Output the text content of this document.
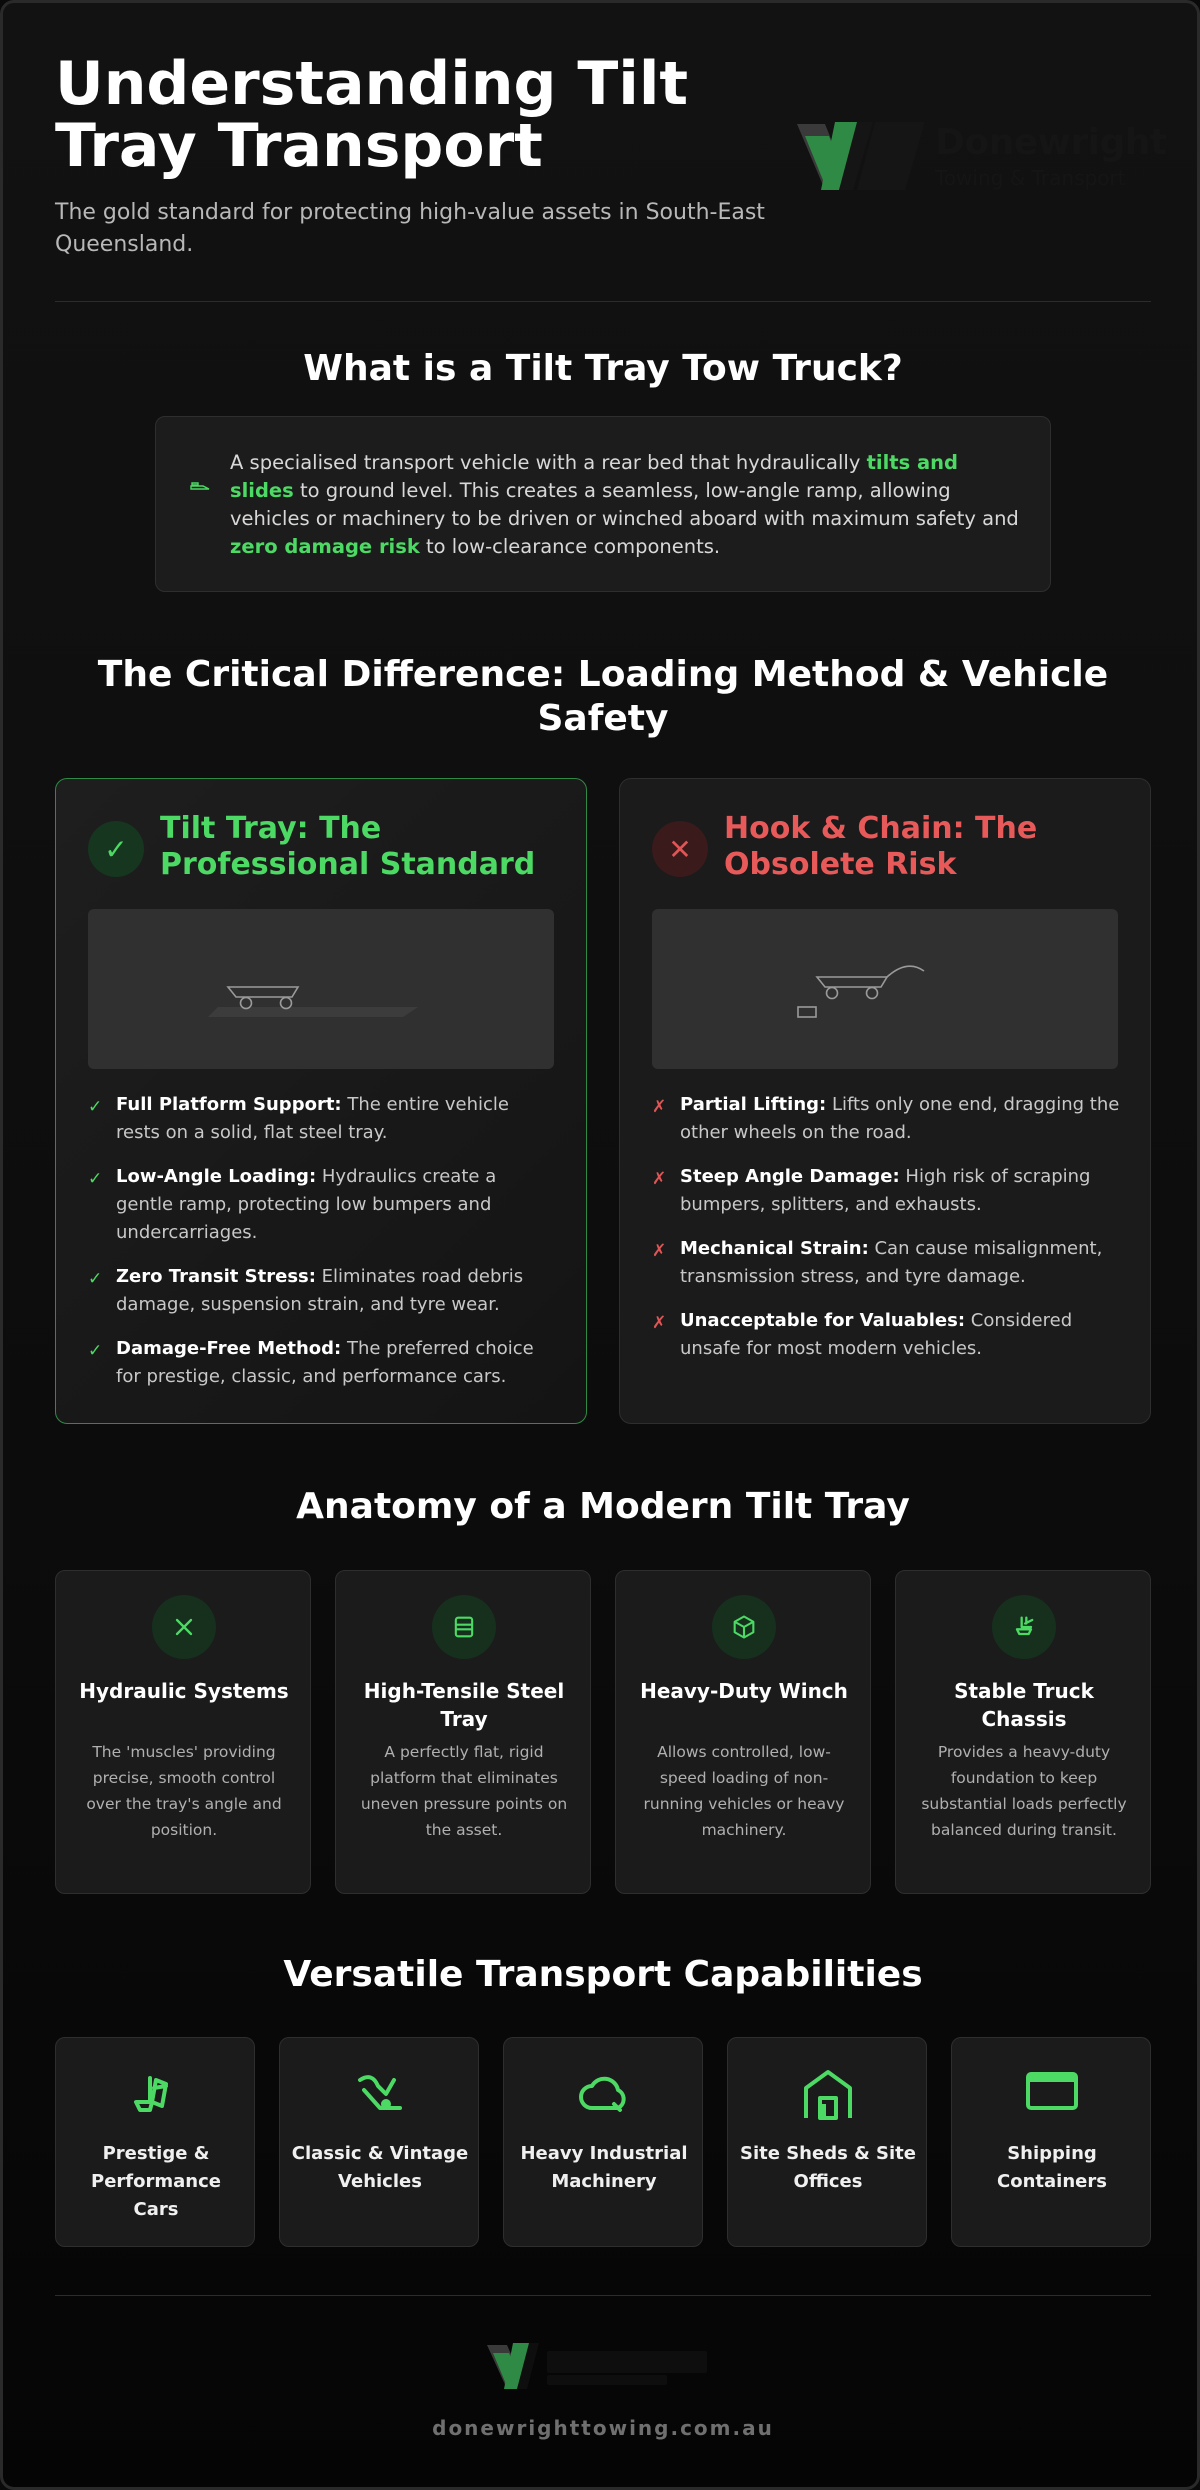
Understanding Tilt Tray Transport

The gold standard for protecting high-value assets in South-East Queensland.

Donewright
Towing & Transport
What is a Tilt Tray Tow Truck?

A specialised transport vehicle with a rear bed that hydraulically tilts and slides to ground level. This creates a seamless, low-angle ramp, allowing vehicles or machinery to be driven or winched aboard with maximum safety and zero damage risk to low-clearance components.

The Critical Difference: Loading Method & Vehicle Safety
✓
Tilt Tray: The Professional Standard
✓ Full Platform Support: The entire vehicle rests on a solid, flat steel tray.
✓ Low-Angle Loading: Hydraulics create a gentle ramp, protecting low bumpers and undercarriages.
✓ Zero Transit Stress: Eliminates road debris damage, suspension strain, and tyre wear.
✓ Damage-Free Method: The preferred choice for prestige, classic, and performance cars.
✕
Hook & Chain: The Obsolete Risk
✗ Partial Lifting: Lifts only one end, dragging the other wheels on the road.
✗ Steep Angle Damage: High risk of scraping bumpers, splitters, and exhausts.
✗ Mechanical Strain: Can cause misalignment, transmission stress, and tyre damage.
✗ Unacceptable for Valuables: Considered unsafe for most modern vehicles.
Anatomy of a Modern Tilt Tray
Hydraulic Systems
The 'muscles' providing precise, smooth control over the tray's angle and position.
High-Tensile Steel Tray
A perfectly flat, rigid platform that eliminates uneven pressure points on the asset.
Heavy-Duty Winch
Allows controlled, low-speed loading of non-running vehicles or heavy machinery.
Stable Truck Chassis
Provides a heavy-duty foundation to keep substantial loads perfectly balanced during transit.
Versatile Transport Capabilities
Prestige & Performance Cars
Classic & Vintage Vehicles
Heavy Industrial Machinery
Site Sheds & Site Offices
Shipping Containers
donewrighttowing.com.au
